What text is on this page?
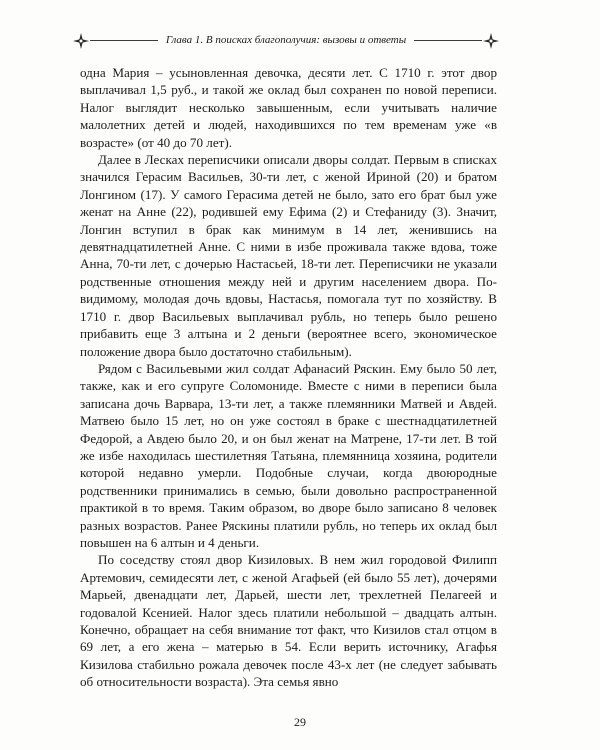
Глава 1. В поисках благополучия: вызовы и ответы

одна Мария – усыновленная девочка, десяти лет. С 1710 г. этот двор выплачивал 1,5 руб., и такой же оклад был сохранен по новой переписи. Налог выглядит несколько завышенным, если учитывать наличие малолетних детей и людей, находившихся по тем временам уже «в возрасте» (от 40 до 70 лет).

Далее в Лесках переписчики описали дворы солдат. Первым в списках значился Герасим Васильев, 30-ти лет, с женой Ириной (20) и братом Лонгином (17). У самого Герасима детей не было, зато его брат был уже женат на Анне (22), родившей ему Ефима (2) и Стефаниду (3). Значит, Лонгин вступил в брак как минимум в 14 лет, женившись на девятнадцатилетней Анне. С ними в избе проживала также вдова, тоже Анна, 70-ти лет, с дочерью Настасьей, 18-ти лет. Переписчики не указали родственные отношения между ней и другим населением двора. По-видимому, молодая дочь вдовы, Настасья, помогала тут по хозяйству. В 1710 г. двор Васильевых выплачивал рубль, но теперь было решено прибавить еще 3 алтына и 2 деньги (вероятнее всего, экономическое положение двора было достаточно стабильным).

Рядом с Васильевыми жил солдат Афанасий Ряскин. Ему было 50 лет, также, как и его супруге Соломониде. Вместе с ними в переписи была записана дочь Варвара, 13-ти лет, а также племянники Матвей и Авдей. Матвею было 15 лет, но он уже состоял в браке с шестнадцатилетней Федорой, а Авдею было 20, и он был женат на Матрене, 17-ти лет. В той же избе находилась шестилетняя Татьяна, племянница хозяина, родители которой недавно умерли. Подобные случаи, когда двоюродные родственники принимались в семью, были довольно распространенной практикой в то время. Таким образом, во дворе было записано 8 человек разных возрастов. Ранее Ряскины платили рубль, но теперь их оклад был повышен на 6 алтын и 4 деньги.

По соседству стоял двор Кизиловых. В нем жил городовой Филипп Артемович, семидесяти лет, с женой Агафьей (ей было 55 лет), дочерями Марьей, двенадцати лет, Дарьей, шести лет, трехлетней Пелагеей и годовалой Ксенией. Налог здесь платили небольшой – двадцать алтын. Конечно, обращает на себя внимание тот факт, что Кизилов стал отцом в 69 лет, а его жена – матерью в 54. Если верить источнику, Агафья Кизилова стабильно рожала девочек после 43-х лет (не следует забывать об относительности возраста). Эта семья явно

29
